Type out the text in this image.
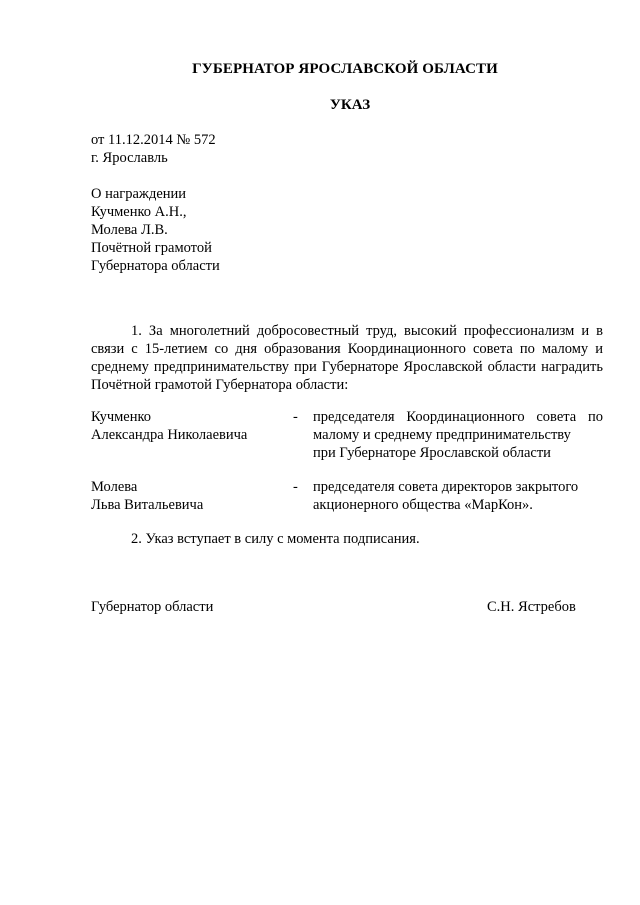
ГУБЕРНАТОР ЯРОСЛАВСКОЙ ОБЛАСТИ
УКАЗ
от 11.12.2014 № 572
г. Ярославль
О награждении
Кучменко А.Н.,
Молева Л.В.
Почётной грамотой
Губернатора области
1. За многолетний добросовестный труд, высокий профессионализм и в связи с 15-летием со дня образования Координационного совета по малому и среднему предпринимательству при Губернаторе Ярославской области наградить Почётной грамотой Губернатора области:
Кучменко
Александра Николаевича
-	председателя Координационного совета по малому и среднему предпринимательству
при Губернаторе Ярославской области
Молева
Льва Витальевича
-	председателя совета директоров закрытого
акционерного общества «МарКон».
2. Указ вступает в силу с момента подписания.
Губернатор области	С.Н. Ястребов
